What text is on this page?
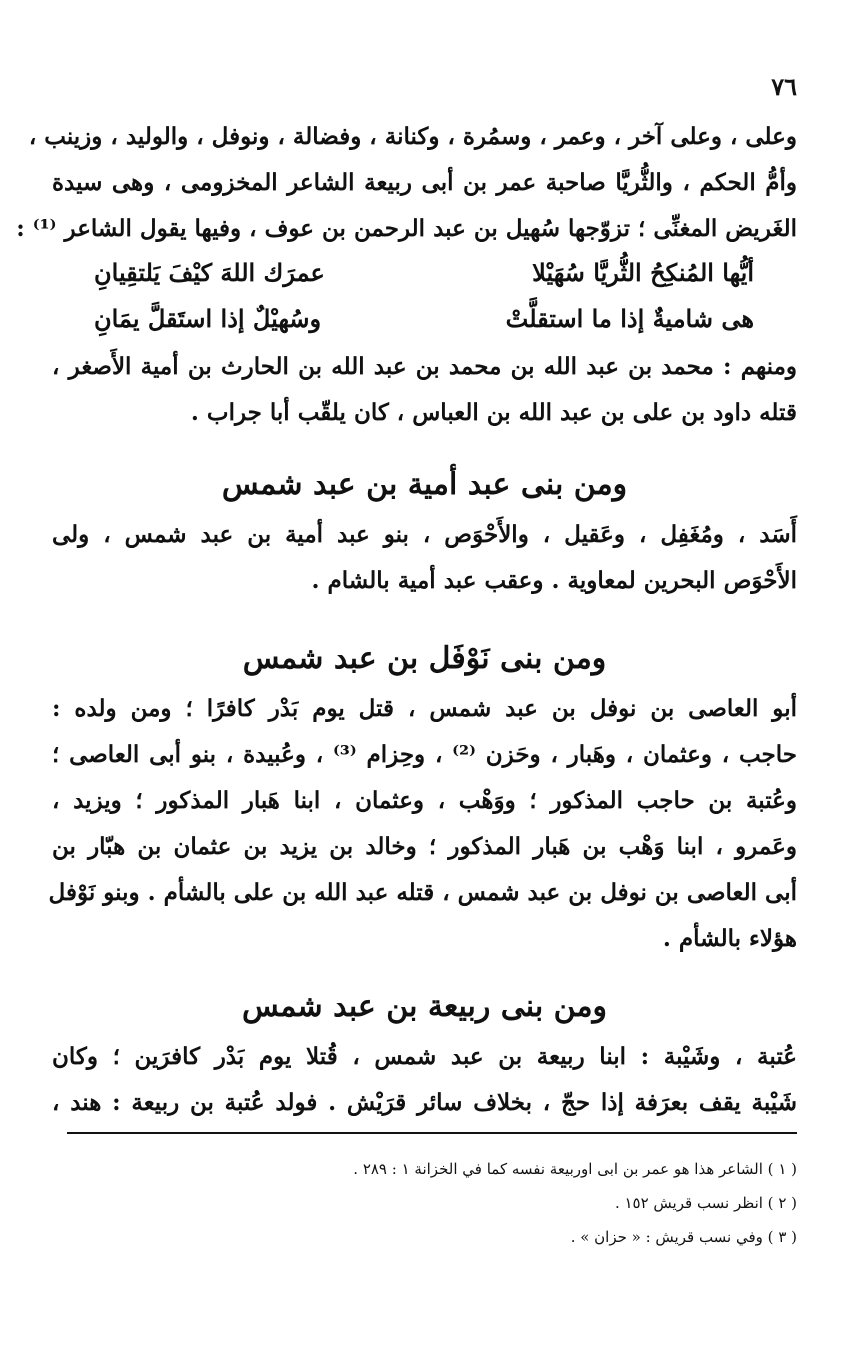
٧٦
وعلى ، وعلى آخر ، وعمر ، وسمُرة ، وكنانة ، وفضالة ، ونوفل ، والوليد ، وزينب ،
وأمُّ الحكم ، والثُّريَّا صاحبة عمر بن أبى ربيعة الشاعر المخزومى ، وهى سيدة
الغَريض المغنِّى ؛ تزوّجها سُهيل بن عبد الرحمن بن عوف ، وفيها يقول الشاعر ⁽¹⁾ :
أيُّها المُنكِحُ الثُّريَّا سُهَيْلا
عمرَك اللهَ كيْفَ يَلتقِيانِ
هى شاميةٌ إذا ما استقلَّتْ
وسُهيْلٌ إذا استَقلَّ يمَانِ
ومنهم : محمد بن عبد الله بن محمد بن عبد الله بن الحارث بن أمية الأَصغر ،
قتله داود بن على بن عبد الله بن العباس ، كان يلقّب أبا جراب .
ومن بنى عبد أمية بن عبد شمس
أَسَد ، ومُغَفِل ، وعَقيل ، والأَحْوَص ، بنو عبد أمية بن عبد شمس ، ولى
الأَحْوَص البحرين لمعاوية . وعقب عبد أمية بالشام .
ومن بنى نَوْفَل بن عبد شمس
أبو العاصى بن نوفل بن عبد شمس ، قتل يوم بَدْر كافرًا ؛ ومن ولده :
حاجب ، وعثمان ، وهَبار ، وحَزن ⁽²⁾ ، وحِزام ⁽³⁾ ، وعُبيدة ، بنو أبى العاصى ؛
وعُتبة بن حاجب المذكور ؛ ووَهْب ، وعثمان ، ابنا هَبار المذكور ؛ ويزيد ،
وعَمرو ، ابنا وَهْب بن هَبار المذكور ؛ وخالد بن يزيد بن عثمان بن هبّار بن
أبى العاصى بن نوفل بن عبد شمس ، قتله عبد الله بن على بالشأم . وبنو نَوْفل
هؤلاء بالشأم .
ومن بنى ربيعة بن عبد شمس
عُتبة ، وشَيْبة : ابنا ربيعة بن عبد شمس ، قُتلا يوم بَدْر كافرَين ؛ وكان
شَيْبة يقف بعرَفة إذا حجّ ، بخلاف سائر قرَيْش . فولد عُتبة بن ربيعة : هند ،
( ١ ) الشاعر هذا هو عمر بن ابى اوربيعة نفسه كما في الخزانة ١ : ٢٨٩ .
( ٢ ) انظر نسب قريش ١٥٢ .
( ٣ ) وفي نسب قريش : « حزان » .
